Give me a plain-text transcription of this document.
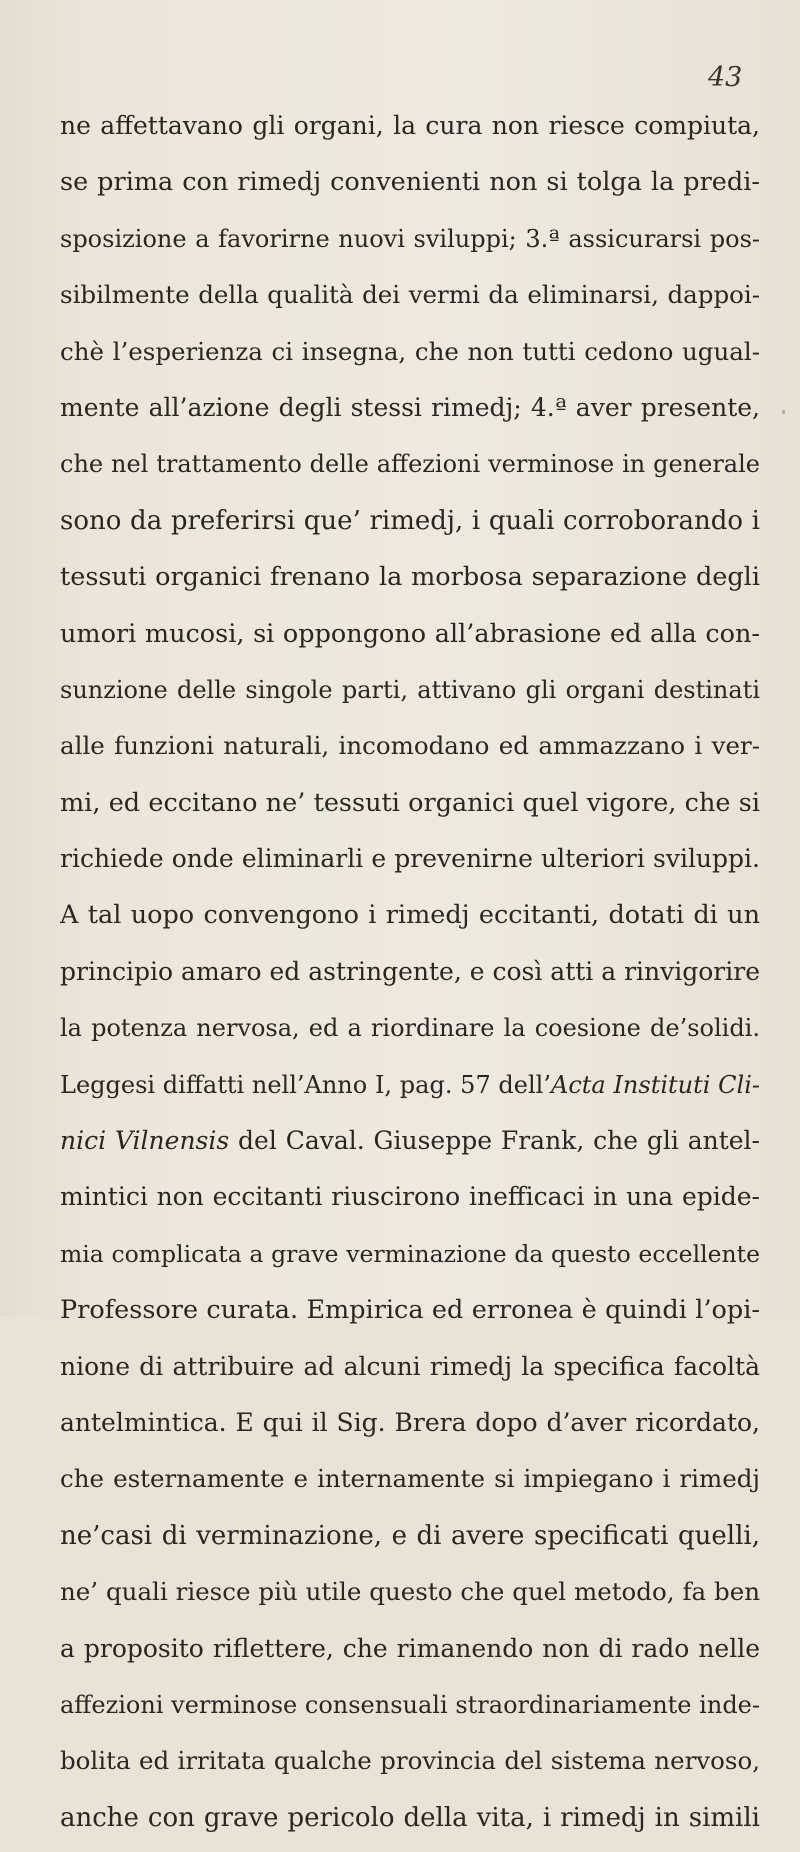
43

ne affettavano gli organi, la cura non riesce compiuta,
se prima con rimedj convenienti non si tolga la predi-
sposizione a favorirne nuovi sviluppi; 3.ª assicurarsi pos-
sibilmente della qualità dei vermi da eliminarsi, dappoi-
chè l’esperienza ci insegna, che non tutti cedono ugual-
mente all’azione degli stessi rimedj; 4.ª aver presente,
che nel trattamento delle affezioni verminose in generale
sono da preferirsi que’ rimedj, i quali corroborando i
tessuti organici frenano la morbosa separazione degli
umori mucosi, si oppongono all’abrasione ed alla con-
sunzione delle singole parti, attivano gli organi destinati
alle funzioni naturali, incomodano ed ammazzano i ver-
mi, ed eccitano ne’ tessuti organici quel vigore, che si
richiede onde eliminarli e prevenirne ulteriori sviluppi.
A tal uopo convengono i rimedj eccitanti, dotati di un
principio amaro ed astringente, e così atti a rinvigorire
la potenza nervosa, ed a riordinare la coesione de’solidi.
Leggesi diffatti nell’Anno I, pag. 57 dell’Acta Instituti Cli-
nici Vilnensis del Caval. Giuseppe Frank, che gli antel-
mintici non eccitanti riuscirono inefficaci in una epide-
mia complicata a grave verminazione da questo eccellente
Professore curata. Empirica ed erronea è quindi l’opi-
nione di attribuire ad alcuni rimedj la specifica facoltà
antelmintica. E qui il Sig. Brera dopo d’aver ricordato,
che esternamente e internamente si impiegano i rimedj
ne’casi di verminazione, e di avere specificati quelli,
ne’ quali riesce più utile questo che quel metodo, fa ben
a proposito riflettere, che rimanendo non di rado nelle
affezioni verminose consensuali straordinariamente inde-
bolita ed irritata qualche provincia del sistema nervoso,
anche con grave pericolo della vita, i rimedj in simili
